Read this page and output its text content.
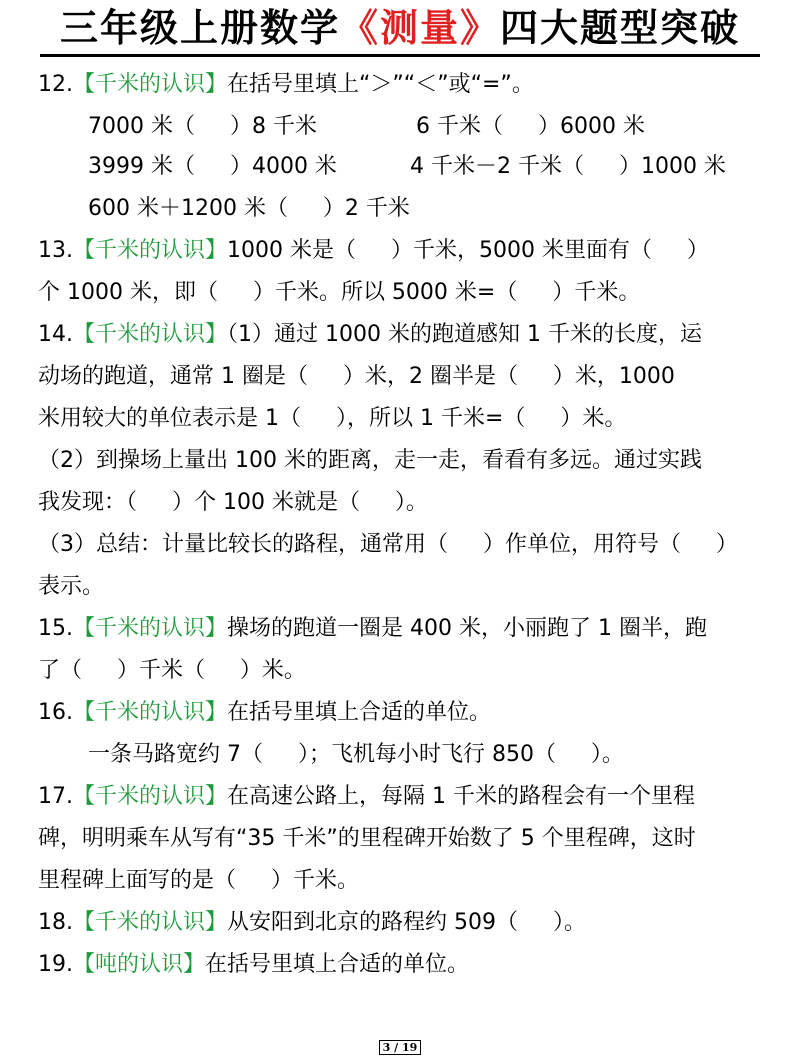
三年级上册数学《测量》四大题型突破
12.【千米的认识】在括号里填上“＞”“＜”或“=”。
7000 米（     ）8 千米	6 千米（     ）6000 米
3999 米（     ）4000 米	4 千米－2 千米（     ）1000 米
600 米＋1200 米（     ）2 千米
13.【千米的认识】1000 米是（     ）千米，5000 米里面有（     ）
个 1000 米，即（     ）千米。所以 5000 米=（     ）千米。
14.【千米的认识】（1）通过 1000 米的跑道感知 1 千米的长度，运
动场的跑道，通常 1 圈是（     ）米，2 圈半是（     ）米，1000
米用较大的单位表示是 1（     ），所以 1 千米=（     ）米。
（2）到操场上量出 100 米的距离，走一走，看看有多远。通过实践
我发现：（     ）个 100 米就是（     ）。
（3）总结：计量比较长的路程，通常用（     ）作单位，用符号（     ）
表示。
15.【千米的认识】操场的跑道一圈是 400 米，小丽跑了 1 圈半，跑
了（     ）千米（     ）米。
16.【千米的认识】在括号里填上合适的单位。
一条马路宽约 7（     ）；飞机每小时飞行 850（     ）。
17.【千米的认识】在高速公路上，每隔 1 千米的路程会有一个里程
碑，明明乘车从写有“35 千米”的里程碑开始数了 5 个里程碑，这时
里程碑上面写的是（     ）千米。
18.【千米的认识】从安阳到北京的路程约 509（     ）。
19.【吨的认识】在括号里填上合适的单位。
3 / 19
